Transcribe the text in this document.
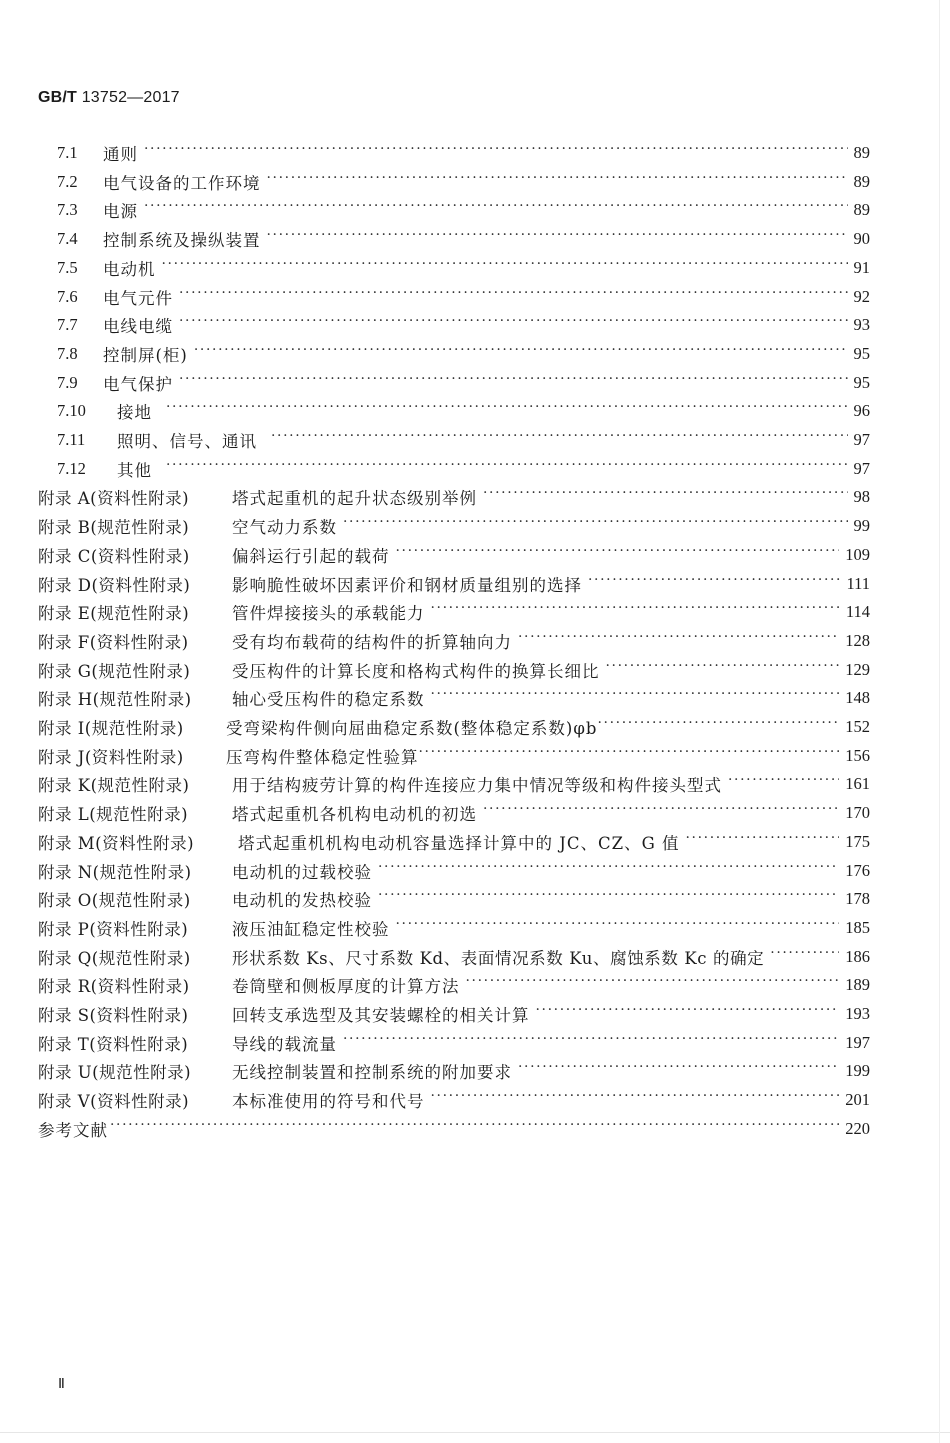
GB/T 13752—2017
7.1	通则 ·····	89
7.2	电气设备的工作环境 ·····	89
7.3	电源 ·····	89
7.4	控制系统及操纵装置 ·····	90
7.5	电动机 ·····	91
7.6	电气元件 ·····	92
7.7	电线电缆 ·····	93
7.8	控制屏(柜) ·····	95
7.9	电气保护 ·····	95
7.10	接地 ·····	96
7.11	照明、信号、通讯 ·····	97
7.12	其他 ·····	97
附录 A(资料性附录)	塔式起重机的起升状态级别举例 ·····	98
附录 B(规范性附录)	空气动力系数 ·····	99
附录 C(资料性附录)	偏斜运行引起的载荷 ·····	109
附录 D(资料性附录)	影响脆性破坏因素评价和钢材质量组别的选择 ·····	111
附录 E(规范性附录)	管件焊接接头的承载能力 ·····	114
附录 F(资料性附录)	受有均布载荷的结构件的折算轴向力 ·····	128
附录 G(规范性附录)	受压构件的计算长度和格构式构件的换算长细比 ·····	129
附录 H(规范性附录)	轴心受压构件的稳定系数 ·····	148
附录 I(规范性附录)	受弯梁构件侧向屈曲稳定系数(整体稳定系数)φb ·····	152
附录 J(资料性附录)	压弯构件整体稳定性验算 ·····	156
附录 K(规范性附录)	用于结构疲劳计算的构件连接应力集中情况等级和构件接头型式 ·····	161
附录 L(规范性附录)	塔式起重机各机构电动机的初选 ·····	170
附录 M(资料性附录)	塔式起重机机构电动机容量选择计算中的 JC、CZ、G 值 ·····	175
附录 N(规范性附录)	电动机的过载校验 ·····	176
附录 O(规范性附录)	电动机的发热校验 ·····	178
附录 P(资料性附录)	液压油缸稳定性校验 ·····	185
附录 Q(规范性附录)	形状系数 Ks、尺寸系数 Kd、表面情况系数 Ku、腐蚀系数 Kc 的确定 ·····	186
附录 R(资料性附录)	卷筒壁和侧板厚度的计算方法 ·····	189
附录 S(资料性附录)	回转支承选型及其安装螺栓的相关计算 ·····	193
附录 T(资料性附录)	导线的载流量 ·····	197
附录 U(规范性附录)	无线控制装置和控制系统的附加要求 ·····	199
附录 V(资料性附录)	本标准使用的符号和代号 ·····	201
参考文献 ·····	220
Ⅱ
